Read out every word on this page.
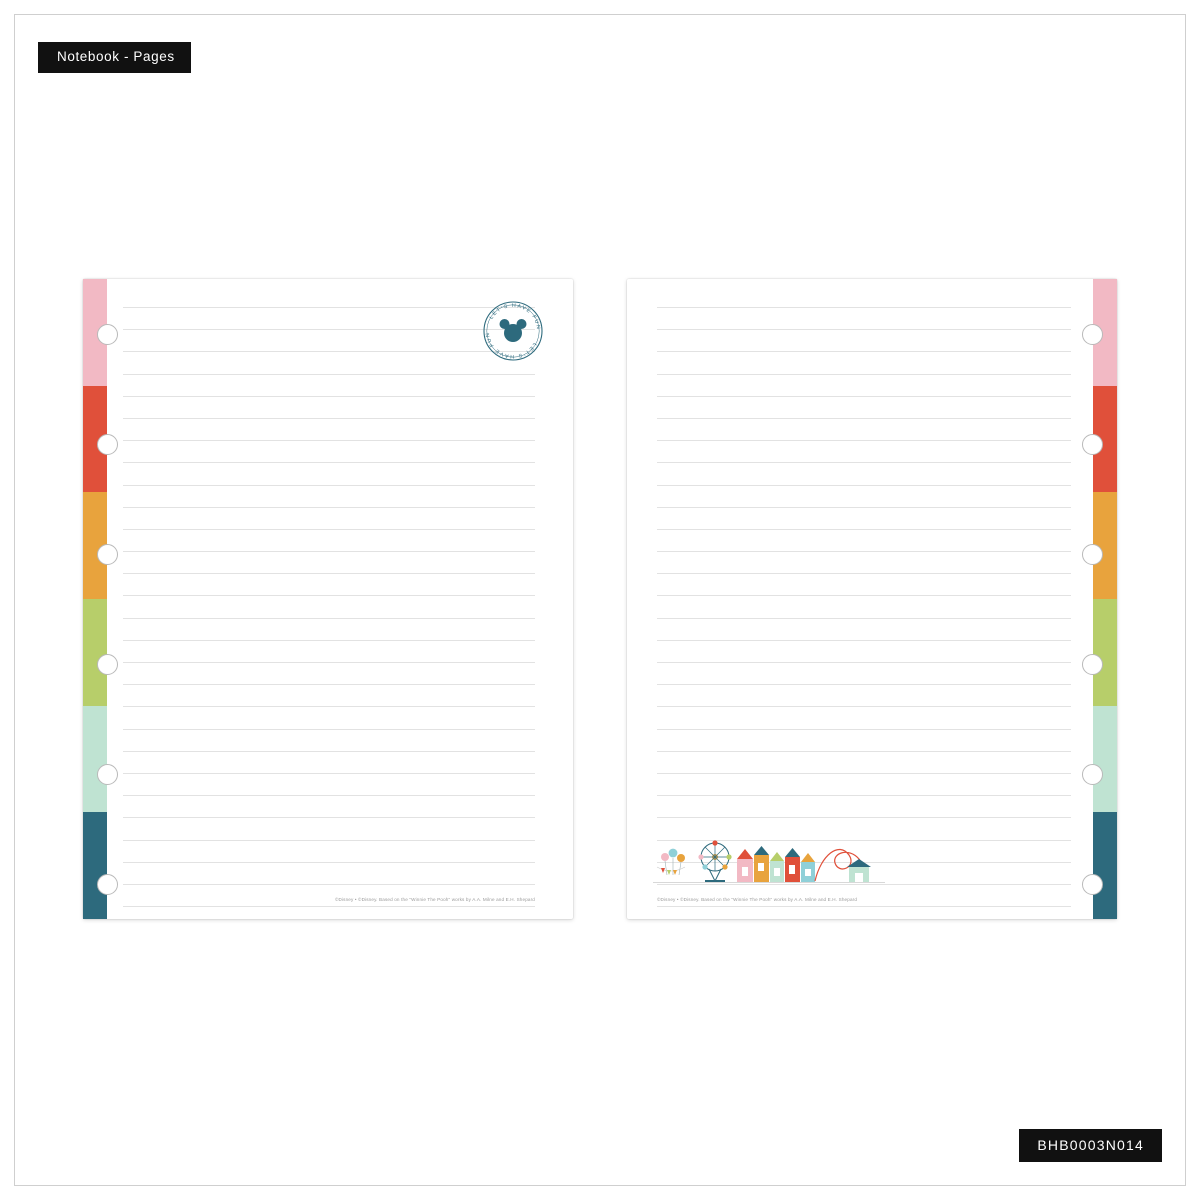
Notebook - Pages
LET'S HAVE FUN
LET'S HAVE FUN
©Disney • ©Disney. Based on the "Winnie The Pooh" works by A.A. Milne and E.H. Shepard	©Disney • ©Disney. Based on the "Winnie The Pooh" works by A.A. Milne and E.H. Shepard
BHB0003N014
